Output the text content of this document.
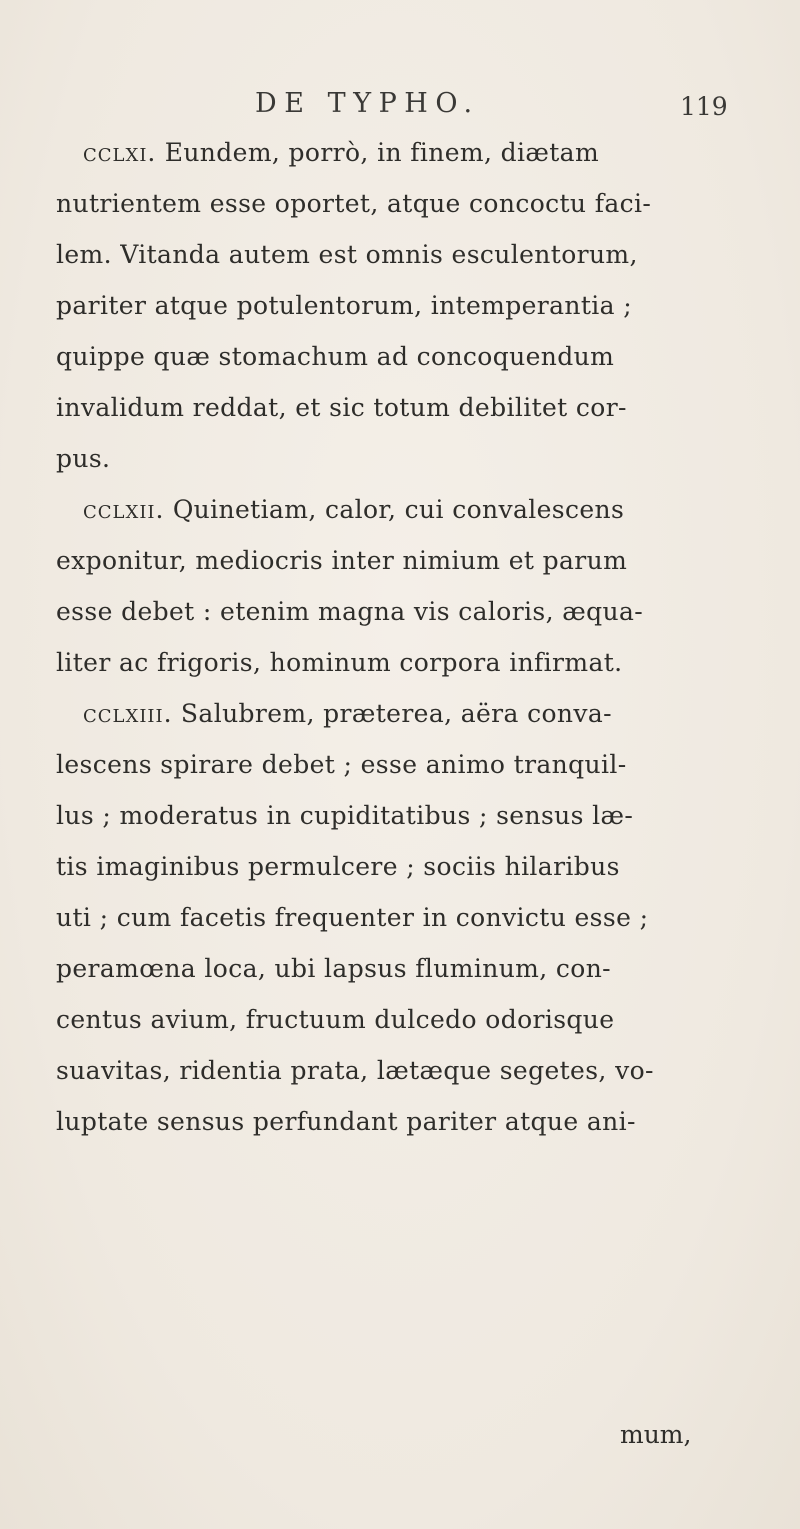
DE TYPHO.	119
cclxi. Eundem, porrò, in finem, diætam
nutrientem esse oportet, atque concoctu faci-
lem. Vitanda autem est omnis esculentorum,
pariter atque potulentorum, intemperantia ;
quippe quæ stomachum ad concoquendum
invalidum reddat, et sic totum debilitet cor-
pus.
cclxii. Quinetiam, calor, cui convalescens
exponitur, mediocris inter nimium et parum
esse debet : etenim magna vis caloris, æqua-
liter ac frigoris, hominum corpora infirmat.
cclxiii. Salubrem, præterea, aëra conva-
lescens spirare debet ; esse animo tranquil-
lus ; moderatus in cupiditatibus ; sensus læ-
tis imaginibus permulcere ; sociis hilaribus
uti ; cum facetis frequenter in convictu esse ;
peramœna loca, ubi lapsus fluminum, con-
centus avium, fructuum dulcedo odorisque
suavitas, ridentia prata, lætæque segetes, vo-
luptate sensus perfundant pariter atque ani-
mum,
